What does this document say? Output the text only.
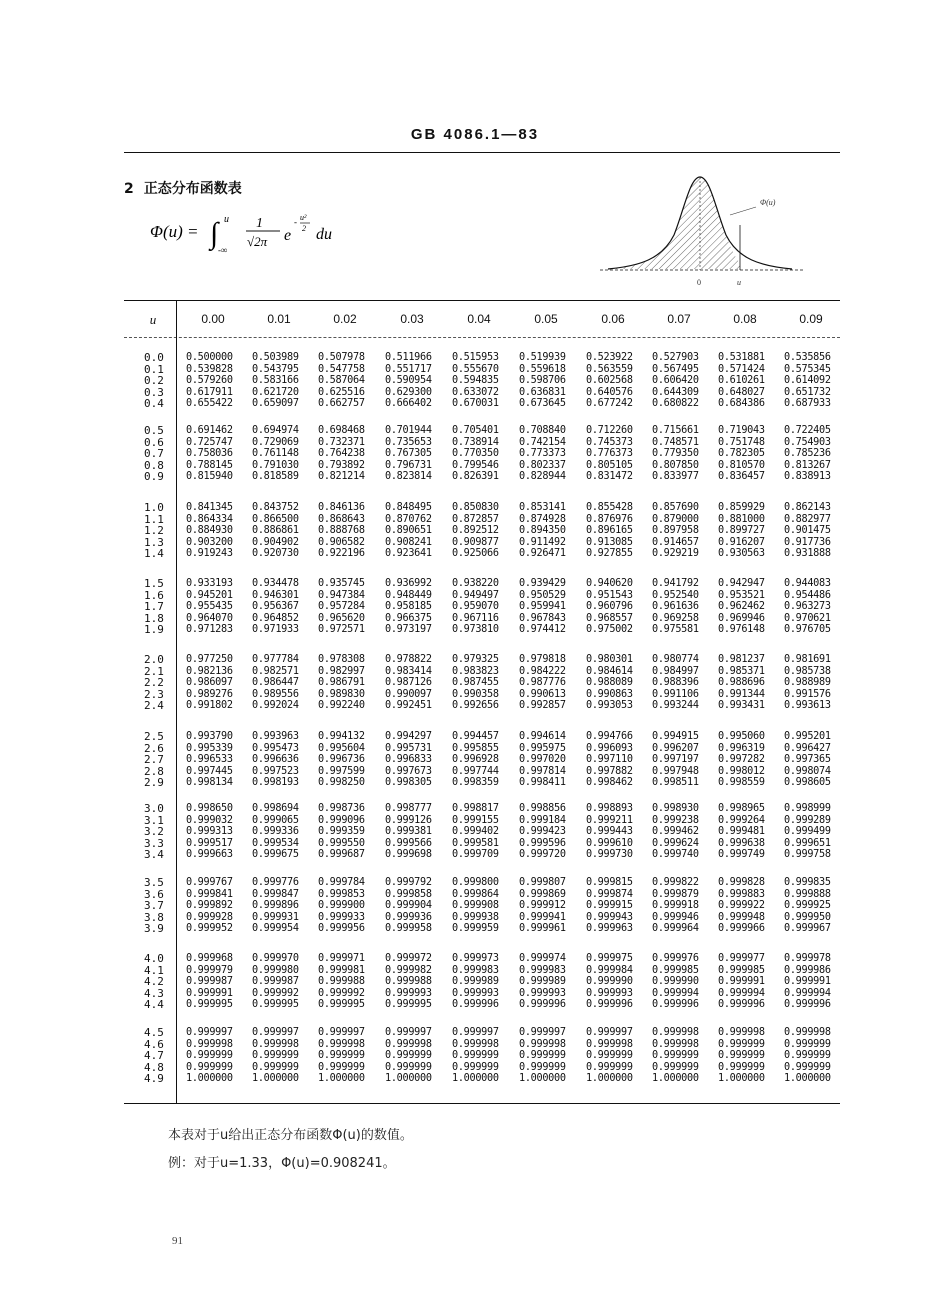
GB 4086.1—83
2 正态分布函数表
Φ(u) = ∫ u
-∞
1
√2π e
- u²
2 du
Φ(u)
0	u
u	0.00	0.01	0.02	0.03	0.04	0.05	0.06	0.07	0.08	0.09
0.0	0.500000	0.503989	0.507978	0.511966	0.515953	0.519939	0.523922	0.527903	0.531881	0.535856
0.1	0.539828	0.543795	0.547758	0.551717	0.555670	0.559618	0.563559	0.567495	0.571424	0.575345
0.2	0.579260	0.583166	0.587064	0.590954	0.594835	0.598706	0.602568	0.606420	0.610261	0.614092
0.3	0.617911	0.621720	0.625516	0.629300	0.633072	0.636831	0.640576	0.644309	0.648027	0.651732
0.4	0.655422	0.659097	0.662757	0.666402	0.670031	0.673645	0.677242	0.680822	0.684386	0.687933
0.5	0.691462	0.694974	0.698468	0.701944	0.705401	0.708840	0.712260	0.715661	0.719043	0.722405
0.6	0.725747	0.729069	0.732371	0.735653	0.738914	0.742154	0.745373	0.748571	0.751748	0.754903
0.7	0.758036	0.761148	0.764238	0.767305	0.770350	0.773373	0.776373	0.779350	0.782305	0.785236
0.8	0.788145	0.791030	0.793892	0.796731	0.799546	0.802337	0.805105	0.807850	0.810570	0.813267
0.9	0.815940	0.818589	0.821214	0.823814	0.826391	0.828944	0.831472	0.833977	0.836457	0.838913
1.0	0.841345	0.843752	0.846136	0.848495	0.850830	0.853141	0.855428	0.857690	0.859929	0.862143
1.1	0.864334	0.866500	0.868643	0.870762	0.872857	0.874928	0.876976	0.879000	0.881000	0.882977
1.2	0.884930	0.886861	0.888768	0.890651	0.892512	0.894350	0.896165	0.897958	0.899727	0.901475
1.3	0.903200	0.904902	0.906582	0.908241	0.909877	0.911492	0.913085	0.914657	0.916207	0.917736
1.4	0.919243	0.920730	0.922196	0.923641	0.925066	0.926471	0.927855	0.929219	0.930563	0.931888
1.5	0.933193	0.934478	0.935745	0.936992	0.938220	0.939429	0.940620	0.941792	0.942947	0.944083
1.6	0.945201	0.946301	0.947384	0.948449	0.949497	0.950529	0.951543	0.952540	0.953521	0.954486
1.7	0.955435	0.956367	0.957284	0.958185	0.959070	0.959941	0.960796	0.961636	0.962462	0.963273
1.8	0.964070	0.964852	0.965620	0.966375	0.967116	0.967843	0.968557	0.969258	0.969946	0.970621
1.9	0.971283	0.971933	0.972571	0.973197	0.973810	0.974412	0.975002	0.975581	0.976148	0.976705
2.0	0.977250	0.977784	0.978308	0.978822	0.979325	0.979818	0.980301	0.980774	0.981237	0.981691
2.1	0.982136	0.982571	0.982997	0.983414	0.983823	0.984222	0.984614	0.984997	0.985371	0.985738
2.2	0.986097	0.986447	0.986791	0.987126	0.987455	0.987776	0.988089	0.988396	0.988696	0.988989
2.3	0.989276	0.989556	0.989830	0.990097	0.990358	0.990613	0.990863	0.991106	0.991344	0.991576
2.4	0.991802	0.992024	0.992240	0.992451	0.992656	0.992857	0.993053	0.993244	0.993431	0.993613
2.5	0.993790	0.993963	0.994132	0.994297	0.994457	0.994614	0.994766	0.994915	0.995060	0.995201
2.6	0.995339	0.995473	0.995604	0.995731	0.995855	0.995975	0.996093	0.996207	0.996319	0.996427
2.7	0.996533	0.996636	0.996736	0.996833	0.996928	0.997020	0.997110	0.997197	0.997282	0.997365
2.8	0.997445	0.997523	0.997599	0.997673	0.997744	0.997814	0.997882	0.997948	0.998012	0.998074
2.9	0.998134	0.998193	0.998250	0.998305	0.998359	0.998411	0.998462	0.998511	0.998559	0.998605
3.0	0.998650	0.998694	0.998736	0.998777	0.998817	0.998856	0.998893	0.998930	0.998965	0.998999
3.1	0.999032	0.999065	0.999096	0.999126	0.999155	0.999184	0.999211	0.999238	0.999264	0.999289
3.2	0.999313	0.999336	0.999359	0.999381	0.999402	0.999423	0.999443	0.999462	0.999481	0.999499
3.3	0.999517	0.999534	0.999550	0.999566	0.999581	0.999596	0.999610	0.999624	0.999638	0.999651
3.4	0.999663	0.999675	0.999687	0.999698	0.999709	0.999720	0.999730	0.999740	0.999749	0.999758
3.5	0.999767	0.999776	0.999784	0.999792	0.999800	0.999807	0.999815	0.999822	0.999828	0.999835
3.6	0.999841	0.999847	0.999853	0.999858	0.999864	0.999869	0.999874	0.999879	0.999883	0.999888
3.7	0.999892	0.999896	0.999900	0.999904	0.999908	0.999912	0.999915	0.999918	0.999922	0.999925
3.8	0.999928	0.999931	0.999933	0.999936	0.999938	0.999941	0.999943	0.999946	0.999948	0.999950
3.9	0.999952	0.999954	0.999956	0.999958	0.999959	0.999961	0.999963	0.999964	0.999966	0.999967
4.0	0.999968	0.999970	0.999971	0.999972	0.999973	0.999974	0.999975	0.999976	0.999977	0.999978
4.1	0.999979	0.999980	0.999981	0.999982	0.999983	0.999983	0.999984	0.999985	0.999985	0.999986
4.2	0.999987	0.999987	0.999988	0.999988	0.999989	0.999989	0.999990	0.999990	0.999991	0.999991
4.3	0.999991	0.999992	0.999992	0.999993	0.999993	0.999993	0.999993	0.999994	0.999994	0.999994
4.4	0.999995	0.999995	0.999995	0.999995	0.999996	0.999996	0.999996	0.999996	0.999996	0.999996
4.5	0.999997	0.999997	0.999997	0.999997	0.999997	0.999997	0.999997	0.999998	0.999998	0.999998
4.6	0.999998	0.999998	0.999998	0.999998	0.999998	0.999998	0.999998	0.999998	0.999999	0.999999
4.7	0.999999	0.999999	0.999999	0.999999	0.999999	0.999999	0.999999	0.999999	0.999999	0.999999
4.8	0.999999	0.999999	0.999999	0.999999	0.999999	0.999999	0.999999	0.999999	0.999999	0.999999
4.9	1.000000	1.000000	1.000000	1.000000	1.000000	1.000000	1.000000	1.000000	1.000000	1.000000
本表对于u给出正态分布函数Φ(u)的数值。
例：对于u=1.33，Φ(u)=0.908241。
91
